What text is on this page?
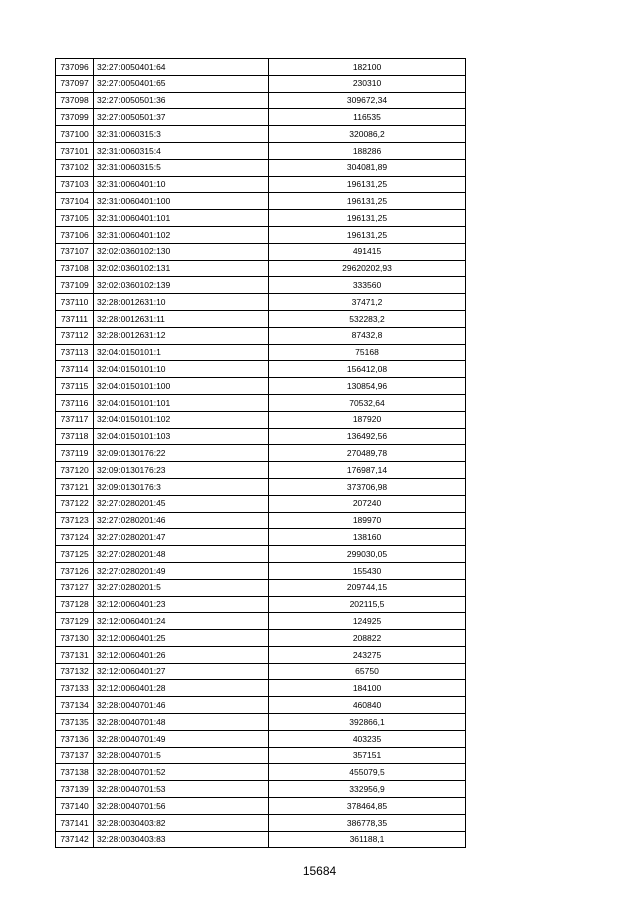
737096	32:27:0050401:64	182100
737097	32:27:0050401:65	230310
737098	32:27:0050501:36	309672,34
737099	32:27:0050501:37	116535
737100	32:31:0060315:3	320086,2
737101	32:31:0060315:4	188286
737102	32:31:0060315:5	304081,89
737103	32:31:0060401:10	196131,25
737104	32:31:0060401:100	196131,25
737105	32:31:0060401:101	196131,25
737106	32:31:0060401:102	196131,25
737107	32:02:0360102:130	491415
737108	32:02:0360102:131	29620202,93
737109	32:02:0360102:139	333560
737110	32:28:0012631:10	37471,2
737111	32:28:0012631:11	532283,2
737112	32:28:0012631:12	87432,8
737113	32:04:0150101:1	75168
737114	32:04:0150101:10	156412,08
737115	32:04:0150101:100	130854,96
737116	32:04:0150101:101	70532,64
737117	32:04:0150101:102	187920
737118	32:04:0150101:103	136492,56
737119	32:09:0130176:22	270489,78
737120	32:09:0130176:23	176987,14
737121	32:09:0130176:3	373706,98
737122	32:27:0280201:45	207240
737123	32:27:0280201:46	189970
737124	32:27:0280201:47	138160
737125	32:27:0280201:48	299030,05
737126	32:27:0280201:49	155430
737127	32:27:0280201:5	209744,15
737128	32:12:0060401:23	202115,5
737129	32:12:0060401:24	124925
737130	32:12:0060401:25	208822
737131	32:12:0060401:26	243275
737132	32:12:0060401:27	65750
737133	32:12:0060401:28	184100
737134	32:28:0040701:46	460840
737135	32:28:0040701:48	392866,1
737136	32:28:0040701:49	403235
737137	32:28:0040701:5	357151
737138	32:28:0040701:52	455079,5
737139	32:28:0040701:53	332956,9
737140	32:28:0040701:56	378464,85
737141	32:28:0030403:82	386778,35
737142	32:28:0030403:83	361188,1
15684
